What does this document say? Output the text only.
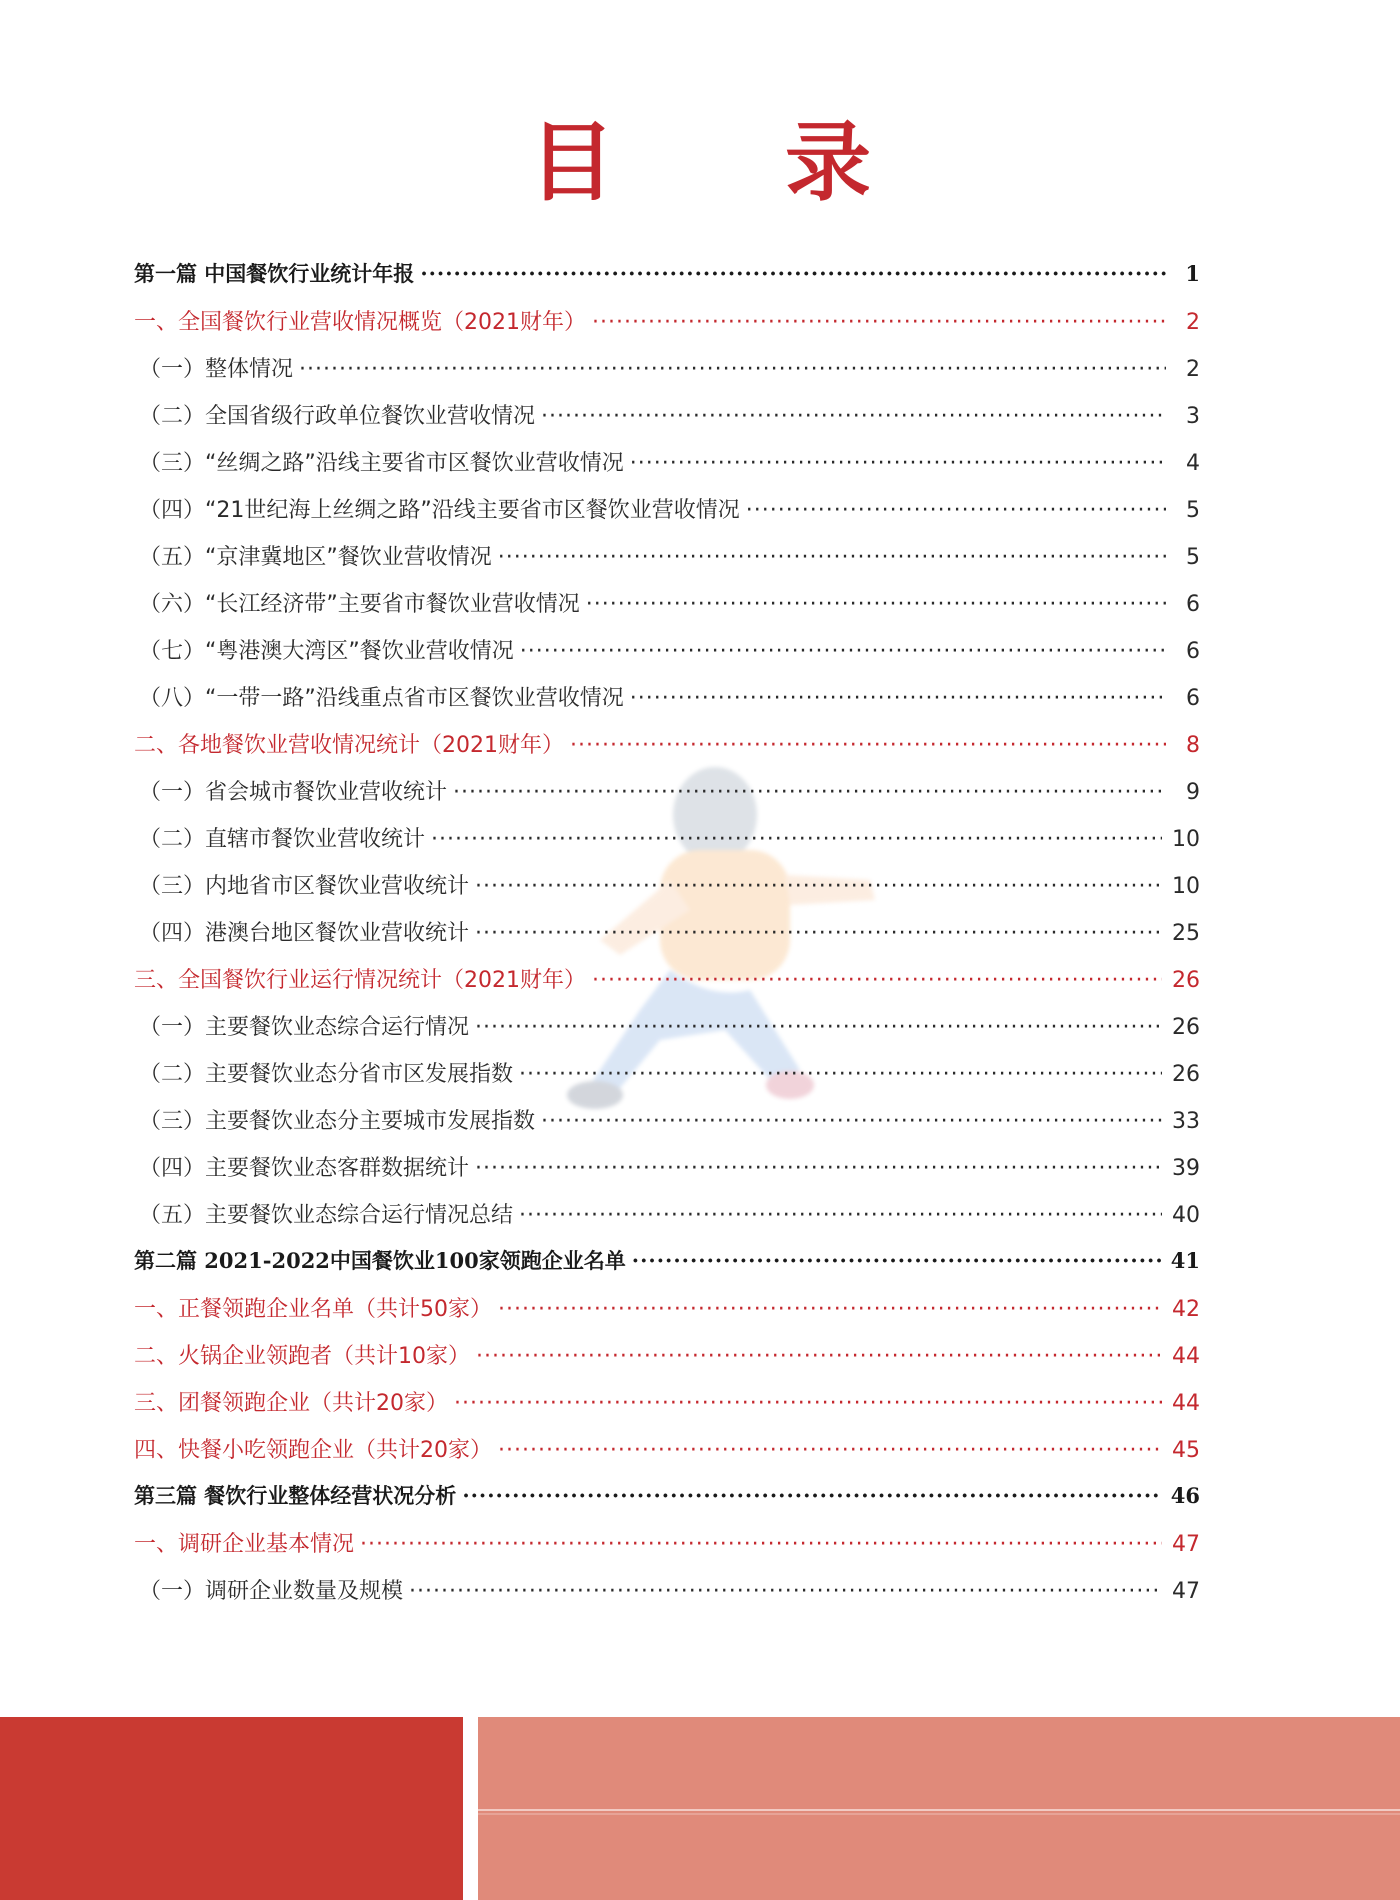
目 录
第一篇 中国餐饮行业统计年报 ·····	1
一、全国餐饮行业营收情况概览（2021财年） ·····	2
（一）整体情况 ·····	2
（二）全国省级行政单位餐饮业营收情况 ·····	3
（三）“丝绸之路”沿线主要省市区餐饮业营收情况 ·····	4
（四）“21世纪海上丝绸之路”沿线主要省市区餐饮业营收情况 ·····	5
（五）“京津冀地区”餐饮业营收情况 ·····	5
（六）“长江经济带”主要省市餐饮业营收情况 ·····	6
（七）“粤港澳大湾区”餐饮业营收情况 ·····	6
（八）“一带一路”沿线重点省市区餐饮业营收情况 ·····	6
二、各地餐饮业营收情况统计（2021财年） ·····	8
（一）省会城市餐饮业营收统计 ·····	9
（二）直辖市餐饮业营收统计 ·····	10
（三）内地省市区餐饮业营收统计 ·····	10
（四）港澳台地区餐饮业营收统计 ·····	25
三、全国餐饮行业运行情况统计（2021财年） ·····	26
（一）主要餐饮业态综合运行情况 ·····	26
（二）主要餐饮业态分省市区发展指数 ·····	26
（三）主要餐饮业态分主要城市发展指数 ·····	33
（四）主要餐饮业态客群数据统计 ·····	39
（五）主要餐饮业态综合运行情况总结 ·····	40
第二篇 2021-2022中国餐饮业100家领跑企业名单 ·····	41
一、正餐领跑企业名单（共计50家） ·····	42
二、火锅企业领跑者（共计10家） ·····	44
三、团餐领跑企业（共计20家） ·····	44
四、快餐小吃领跑企业（共计20家） ·····	45
第三篇 餐饮行业整体经营状况分析 ·····	46
一、调研企业基本情况 ·····	47
（一）调研企业数量及规模 ·····	47
